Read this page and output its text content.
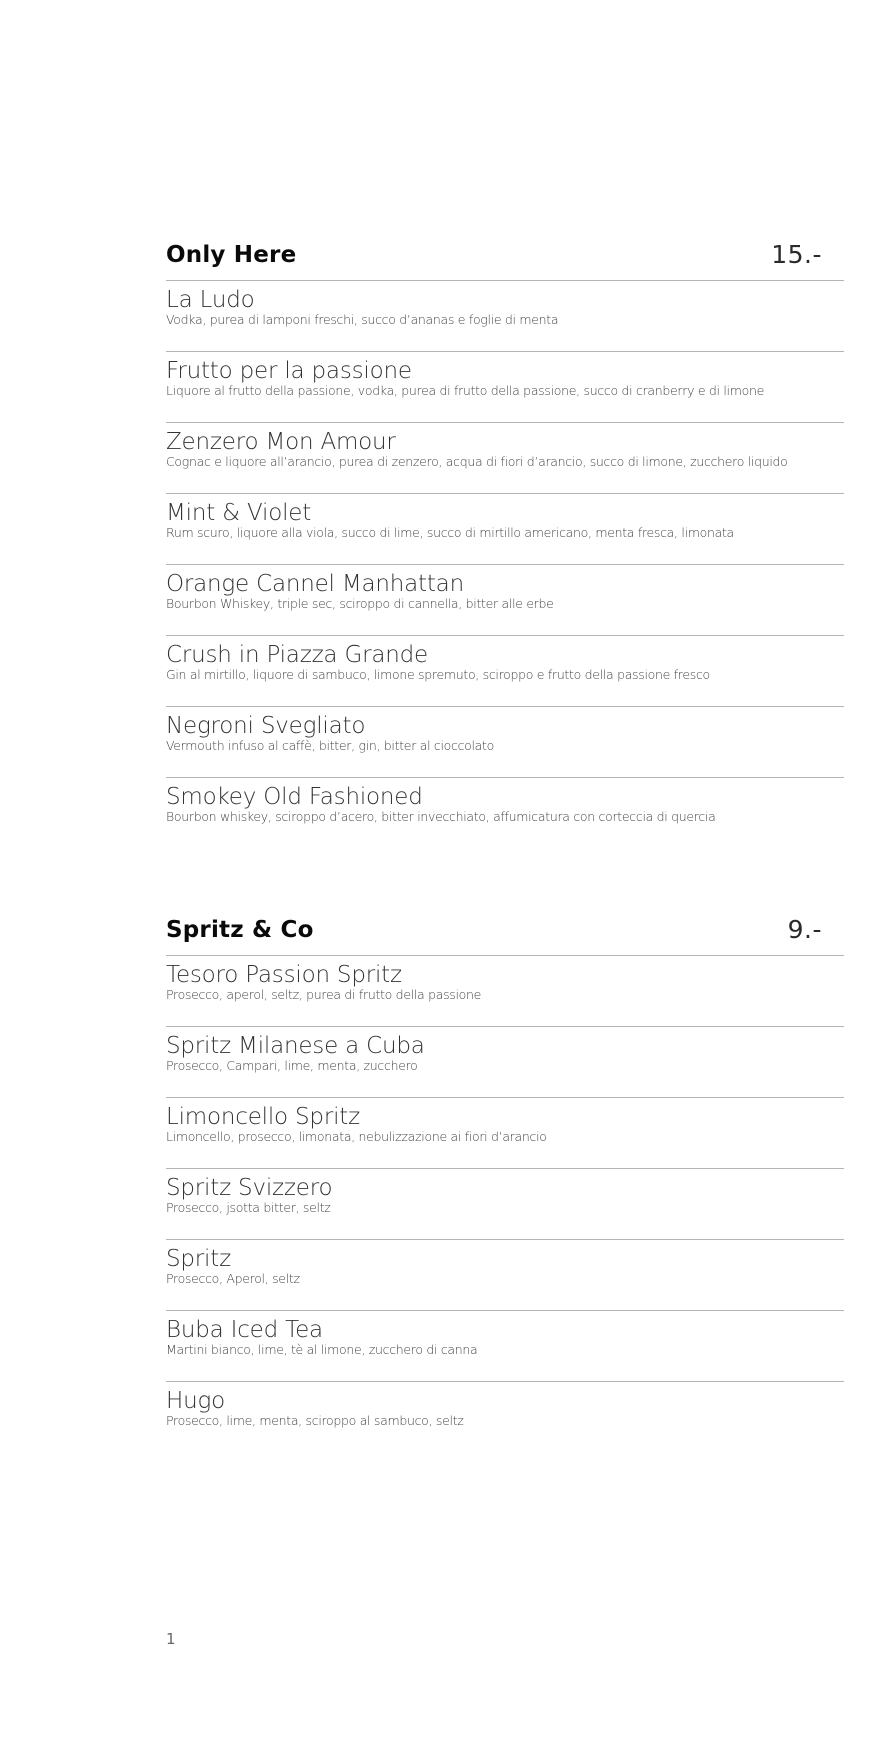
Only Here	15.-
La Ludo
Vodka, purea di lamponi freschi, succo d’ananas e foglie di menta
Frutto per la passione
Liquore al frutto della passione, vodka, purea di frutto della passione, succo di cranberry e di limone
Zenzero Mon Amour
Cognac e liquore all’arancio, purea di zenzero, acqua di fiori d’arancio, succo di limone, zucchero liquido
Mint & Violet
Rum scuro, liquore alla viola, succo di lime, succo di mirtillo americano, menta fresca, limonata
Orange Cannel Manhattan
Bourbon Whiskey, triple sec, sciroppo di cannella, bitter alle erbe
Crush in Piazza Grande
Gin al mirtillo, liquore di sambuco, limone spremuto, sciroppo e frutto della passione fresco
Negroni Svegliato
Vermouth infuso al caffè, bitter, gin, bitter al cioccolato
Smokey Old Fashioned
Bourbon whiskey, sciroppo d’acero, bitter invecchiato, affumicatura con corteccia di quercia
Spritz & Co	9.-
Tesoro Passion Spritz
Prosecco, aperol, seltz, purea di frutto della passione
Spritz Milanese a Cuba
Prosecco, Campari, lime, menta, zucchero
Limoncello Spritz
Limoncello, prosecco, limonata, nebulizzazione ai fiori d’arancio
Spritz Svizzero
Prosecco, jsotta bitter, seltz
Spritz
Prosecco, Aperol, seltz
Buba Iced Tea
Martini bianco, lime, tè al limone, zucchero di canna
Hugo
Prosecco, lime, menta, sciroppo al sambuco, seltz
1
